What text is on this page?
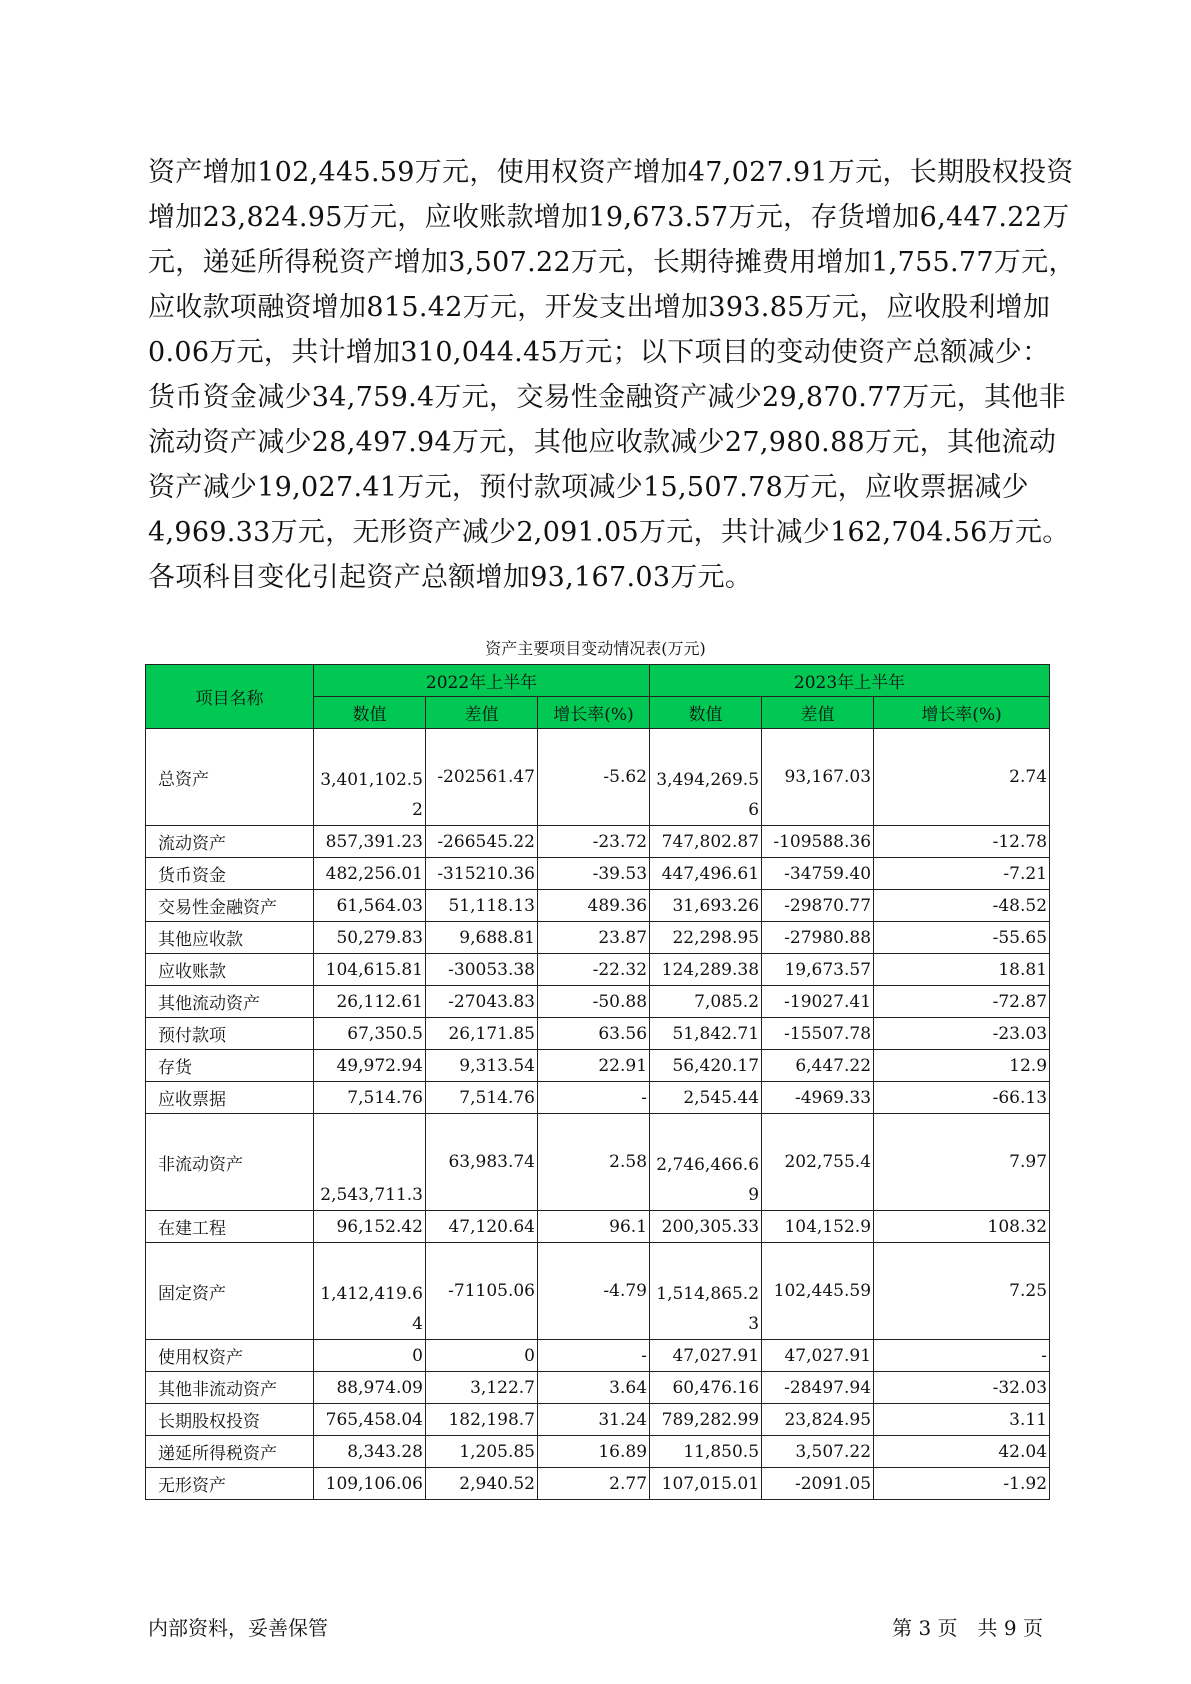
资产增加102,445.59万元，使用权资产增加47,027.91万元，长期股权投资
增加23,824.95万元，应收账款增加19,673.57万元，存货增加6,447.22万
元，递延所得税资产增加3,507.22万元，长期待摊费用增加1,755.77万元，
应收款项融资增加815.42万元，开发支出增加393.85万元，应收股利增加
0.06万元，共计增加310,044.45万元；以下项目的变动使资产总额减少：
货币资金减少34,759.4万元，交易性金融资产减少29,870.77万元，其他非
流动资产减少28,497.94万元，其他应收款减少27,980.88万元，其他流动
资产减少19,027.41万元，预付款项减少15,507.78万元，应收票据减少
4,969.33万元，无形资产减少2,091.05万元，共计减少162,704.56万元。
各项科目变化引起资产总额增加93,167.03万元。
资产主要项目变动情况表(万元)
项目名称	2022年上半年			2023年上半年		
	数值	差值	增长率(%)	数值	差值	增长率(%)
总资产	3,401,102.52	-202561.47	-5.62	3,494,269.56	93,167.03	2.74
流动资产	857,391.23	-266545.22	-23.72	747,802.87	-109588.36	-12.78
货币资金	482,256.01	-315210.36	-39.53	447,496.61	-34759.40	-7.21
交易性金融资产	61,564.03	51,118.13	489.36	31,693.26	-29870.77	-48.52
其他应收款	50,279.83	9,688.81	23.87	22,298.95	-27980.88	-55.65
应收账款	104,615.81	-30053.38	-22.32	124,289.38	19,673.57	18.81
其他流动资产	26,112.61	-27043.83	-50.88	7,085.2	-19027.41	-72.87
预付款项	67,350.5	26,171.85	63.56	51,842.71	-15507.78	-23.03
存货	49,972.94	9,313.54	22.91	56,420.17	6,447.22	12.9
应收票据	7,514.76	7,514.76	-	2,545.44	-4969.33	-66.13
非流动资产	2,543,711.3	63,983.74	2.58	2,746,466.69	202,755.4	7.97
在建工程	96,152.42	47,120.64	96.1	200,305.33	104,152.9	108.32
固定资产	1,412,419.64	-71105.06	-4.79	1,514,865.23	102,445.59	7.25
使用权资产	0	0	-	47,027.91	47,027.91	-
其他非流动资产	88,974.09	3,122.7	3.64	60,476.16	-28497.94	-32.03
长期股权投资	765,458.04	182,198.7	31.24	789,282.99	23,824.95	3.11
递延所得税资产	8,343.28	1,205.85	16.89	11,850.5	3,507.22	42.04
无形资产	109,106.06	2,940.52	2.77	107,015.01	-2091.05	-1.92
内部资料，妥善保管	第 3 页　共 9 页
